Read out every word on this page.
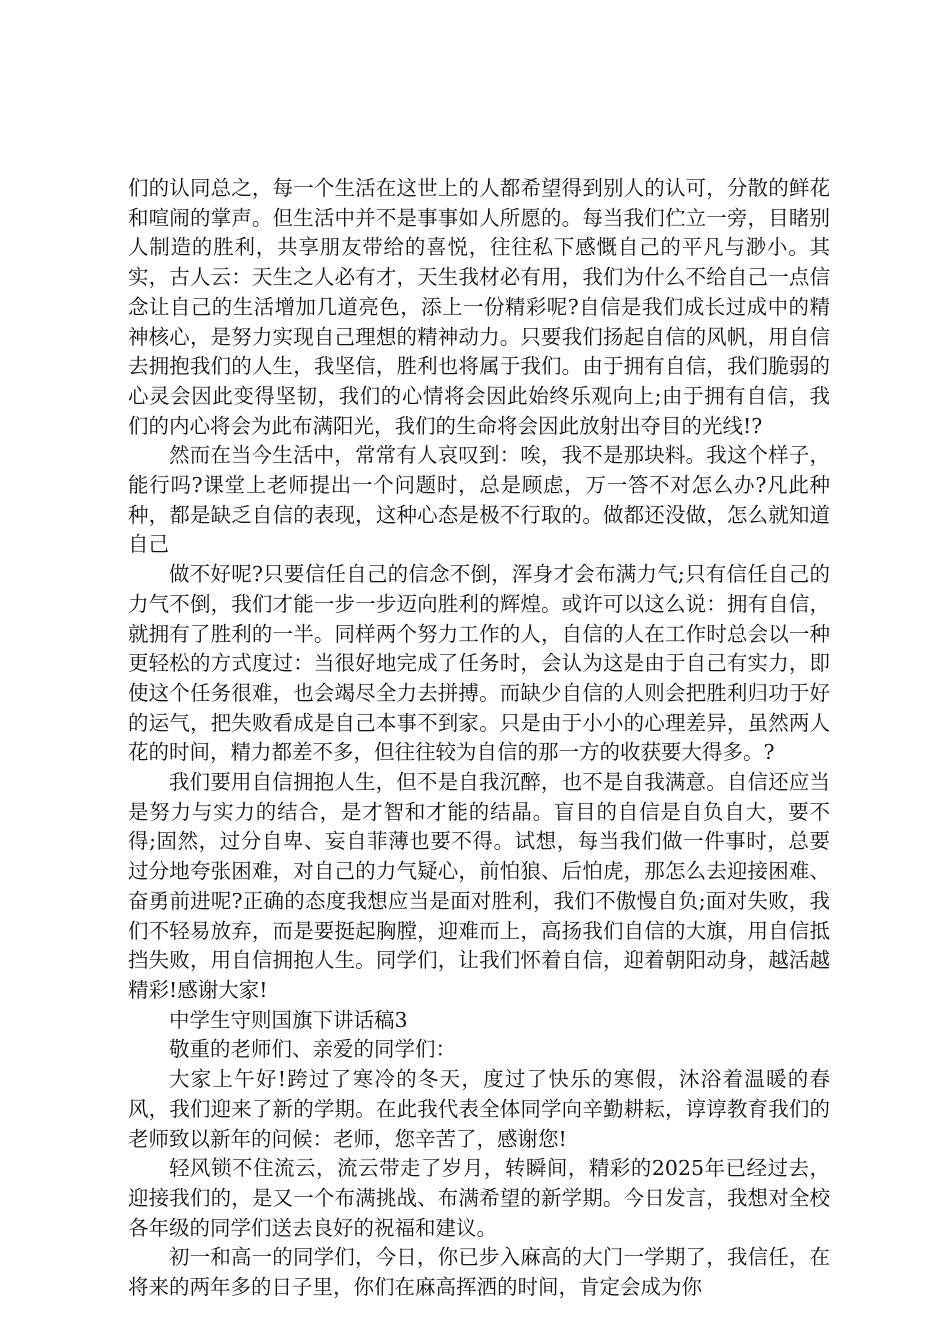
们的认同总之，每一个生活在这世上的人都希望得到别人的认可，分散的鲜花和喧闹的掌声。但生活中并不是事事如人所愿的。每当我们伫立一旁，目睹别人制造的胜利，共享朋友带给的喜悦，往往私下感慨自己的平凡与渺小。其实，古人云：天生之人必有才，天生我材必有用，我们为什么不给自己一点信念让自己的生活增加几道亮色，添上一份精彩呢?自信是我们成长过成中的精神核心，是努力实现自己理想的精神动力。只要我们扬起自信的风帆，用自信去拥抱我们的人生，我坚信，胜利也将属于我们。由于拥有自信，我们脆弱的心灵会因此变得坚韧，我们的心情将会因此始终乐观向上;由于拥有自信，我们的内心将会为此布满阳光，我们的生命将会因此放射出夺目的光线!?

然而在当今生活中，常常有人哀叹到：唉，我不是那块料。我这个样子，能行吗?课堂上老师提出一个问题时，总是顾虑，万一答不对怎么办?凡此种种，都是缺乏自信的表现，这种心态是极不行取的。做都还没做，怎么就知道自己

做不好呢?只要信任自己的信念不倒，浑身才会布满力气;只有信任自己的力气不倒，我们才能一步一步迈向胜利的辉煌。或许可以这么说：拥有自信，就拥有了胜利的一半。同样两个努力工作的人，自信的人在工作时总会以一种更轻松的方式度过：当很好地完成了任务时，会认为这是由于自己有实力，即使这个任务很难，也会竭尽全力去拼搏。而缺少自信的人则会把胜利归功于好的运气，把失败看成是自己本事不到家。只是由于小小的心理差异，虽然两人花的时间，精力都差不多，但往往较为自信的那一方的收获要大得多。?

我们要用自信拥抱人生，但不是自我沉醉，也不是自我满意。自信还应当是努力与实力的结合，是才智和才能的结晶。盲目的自信是自负自大，要不得;固然，过分自卑、妄自菲薄也要不得。试想，每当我们做一件事时，总要过分地夸张困难，对自己的力气疑心，前怕狼、后怕虎，那怎么去迎接困难、奋勇前进呢?正确的态度我想应当是面对胜利，我们不傲慢自负;面对失败，我们不轻易放弃，而是要挺起胸膛，迎难而上，高扬我们自信的大旗，用自信抵挡失败，用自信拥抱人生。同学们，让我们怀着自信，迎着朝阳动身，越活越精彩!感谢大家!

中学生守则国旗下讲话稿3

敬重的老师们、亲爱的同学们：

大家上午好!跨过了寒冷的冬天，度过了快乐的寒假，沐浴着温暖的春风，我们迎来了新的学期。在此我代表全体同学向辛勤耕耘，谆谆教育我们的老师致以新年的问候：老师，您辛苦了，感谢您!

轻风锁不住流云，流云带走了岁月，转瞬间，精彩的2025年已经过去，迎接我们的，是又一个布满挑战、布满希望的新学期。今日发言，我想对全校各年级的同学们送去良好的祝福和建议。

初一和高一的同学们，今日，你已步入麻高的大门一学期了，我信任，在将来的两年多的日子里，你们在麻高挥洒的时间，肯定会成为你
